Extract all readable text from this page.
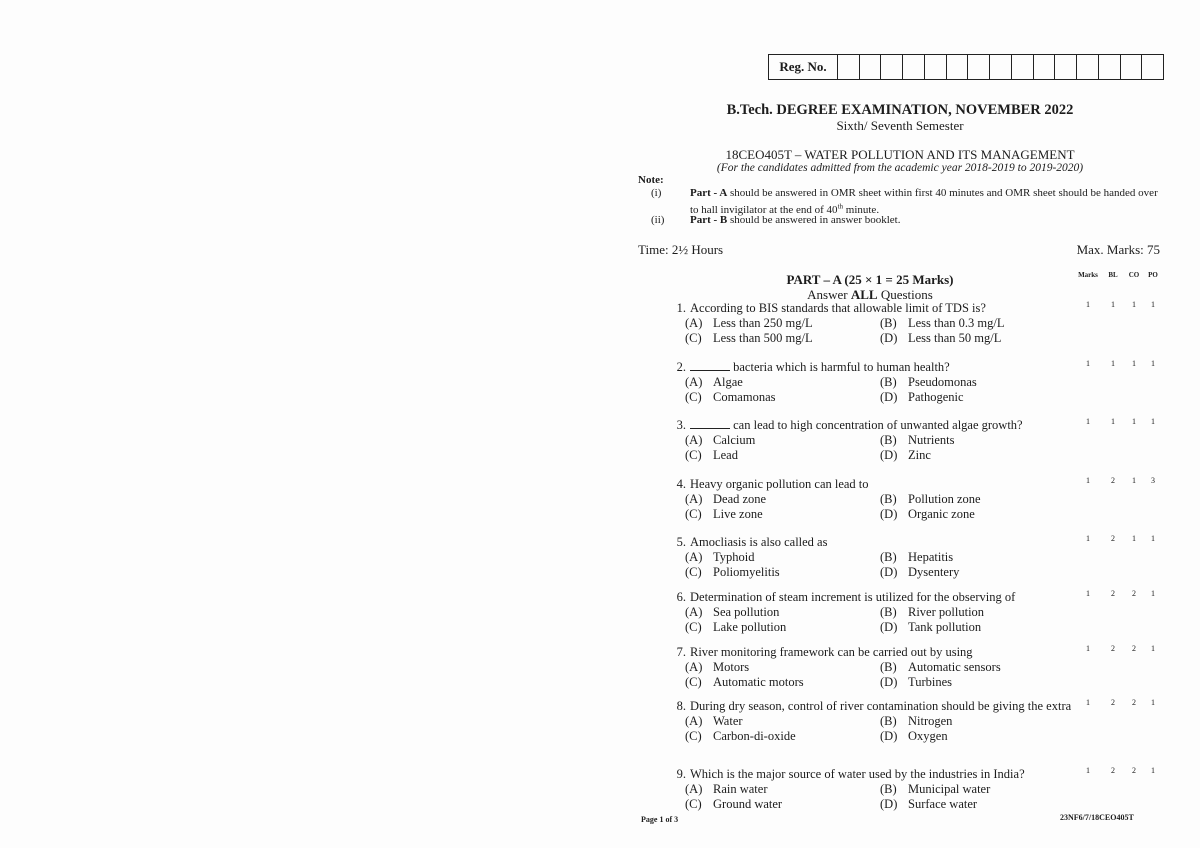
Reg. No.
B.Tech. DEGREE EXAMINATION, NOVEMBER 2022
Sixth/ Seventh Semester
18CEO405T – WATER POLLUTION AND ITS MANAGEMENT
(For the candidates admitted from the academic year 2018-2019 to 2019-2020)
Note:
(i)	Part - A should be answered in OMR sheet within first 40 minutes and OMR sheet should be handed over to hall invigilator at the end of 40th minute.
(ii) Part - B should be answered in answer booklet.
Time: 2½ Hours	Max. Marks: 75
PART – A (25 × 1 = 25 Marks)
Answer ALL Questions
Marks	BL	CO	PO
1. According to BIS standards that allowable limit of TDS is?
(A) Less than 250 mg/L	(B) Less than 0.3 mg/L
(C) Less than 500 mg/L	(D) Less than 50 mg/L
1	1	1	1
2.	bacteria which is harmful to human health?
(A) Algae	(B) Pseudomonas
(C) Comamonas	(D) Pathogenic
1	1	1	1
3.	can lead to high concentration of unwanted algae growth?
(A) Calcium	(B) Nutrients
(C) Lead	(D) Zinc
1	1	1	1
4. Heavy organic pollution can lead to
(A) Dead zone	(B) Pollution zone
(C) Live zone	(D) Organic zone
1	2	1	3
5. Amocliasis is also called as
(A) Typhoid	(B) Hepatitis
(C) Poliomyelitis	(D) Dysentery
1	2	1	1
6. Determination of steam increment is utilized for the observing of
(A) Sea pollution	(B) River pollution
(C) Lake pollution	(D) Tank pollution
1	2	2	1
7. River monitoring framework can be carried out by using
(A) Motors	(B) Automatic sensors
(C) Automatic motors	(D) Turbines
1	2	2	1
8. During dry season, control of river contamination should be giving the extra
(A) Water	(B) Nitrogen
(C) Carbon-di-oxide	(D) Oxygen
1	2	2	1
9. Which is the major source of water used by the industries in India?
(A) Rain water	(B) Municipal water
(C) Ground water	(D) Surface water
1	2	2	1
Page 1 of 3	23NF6/7/18CEO405T
